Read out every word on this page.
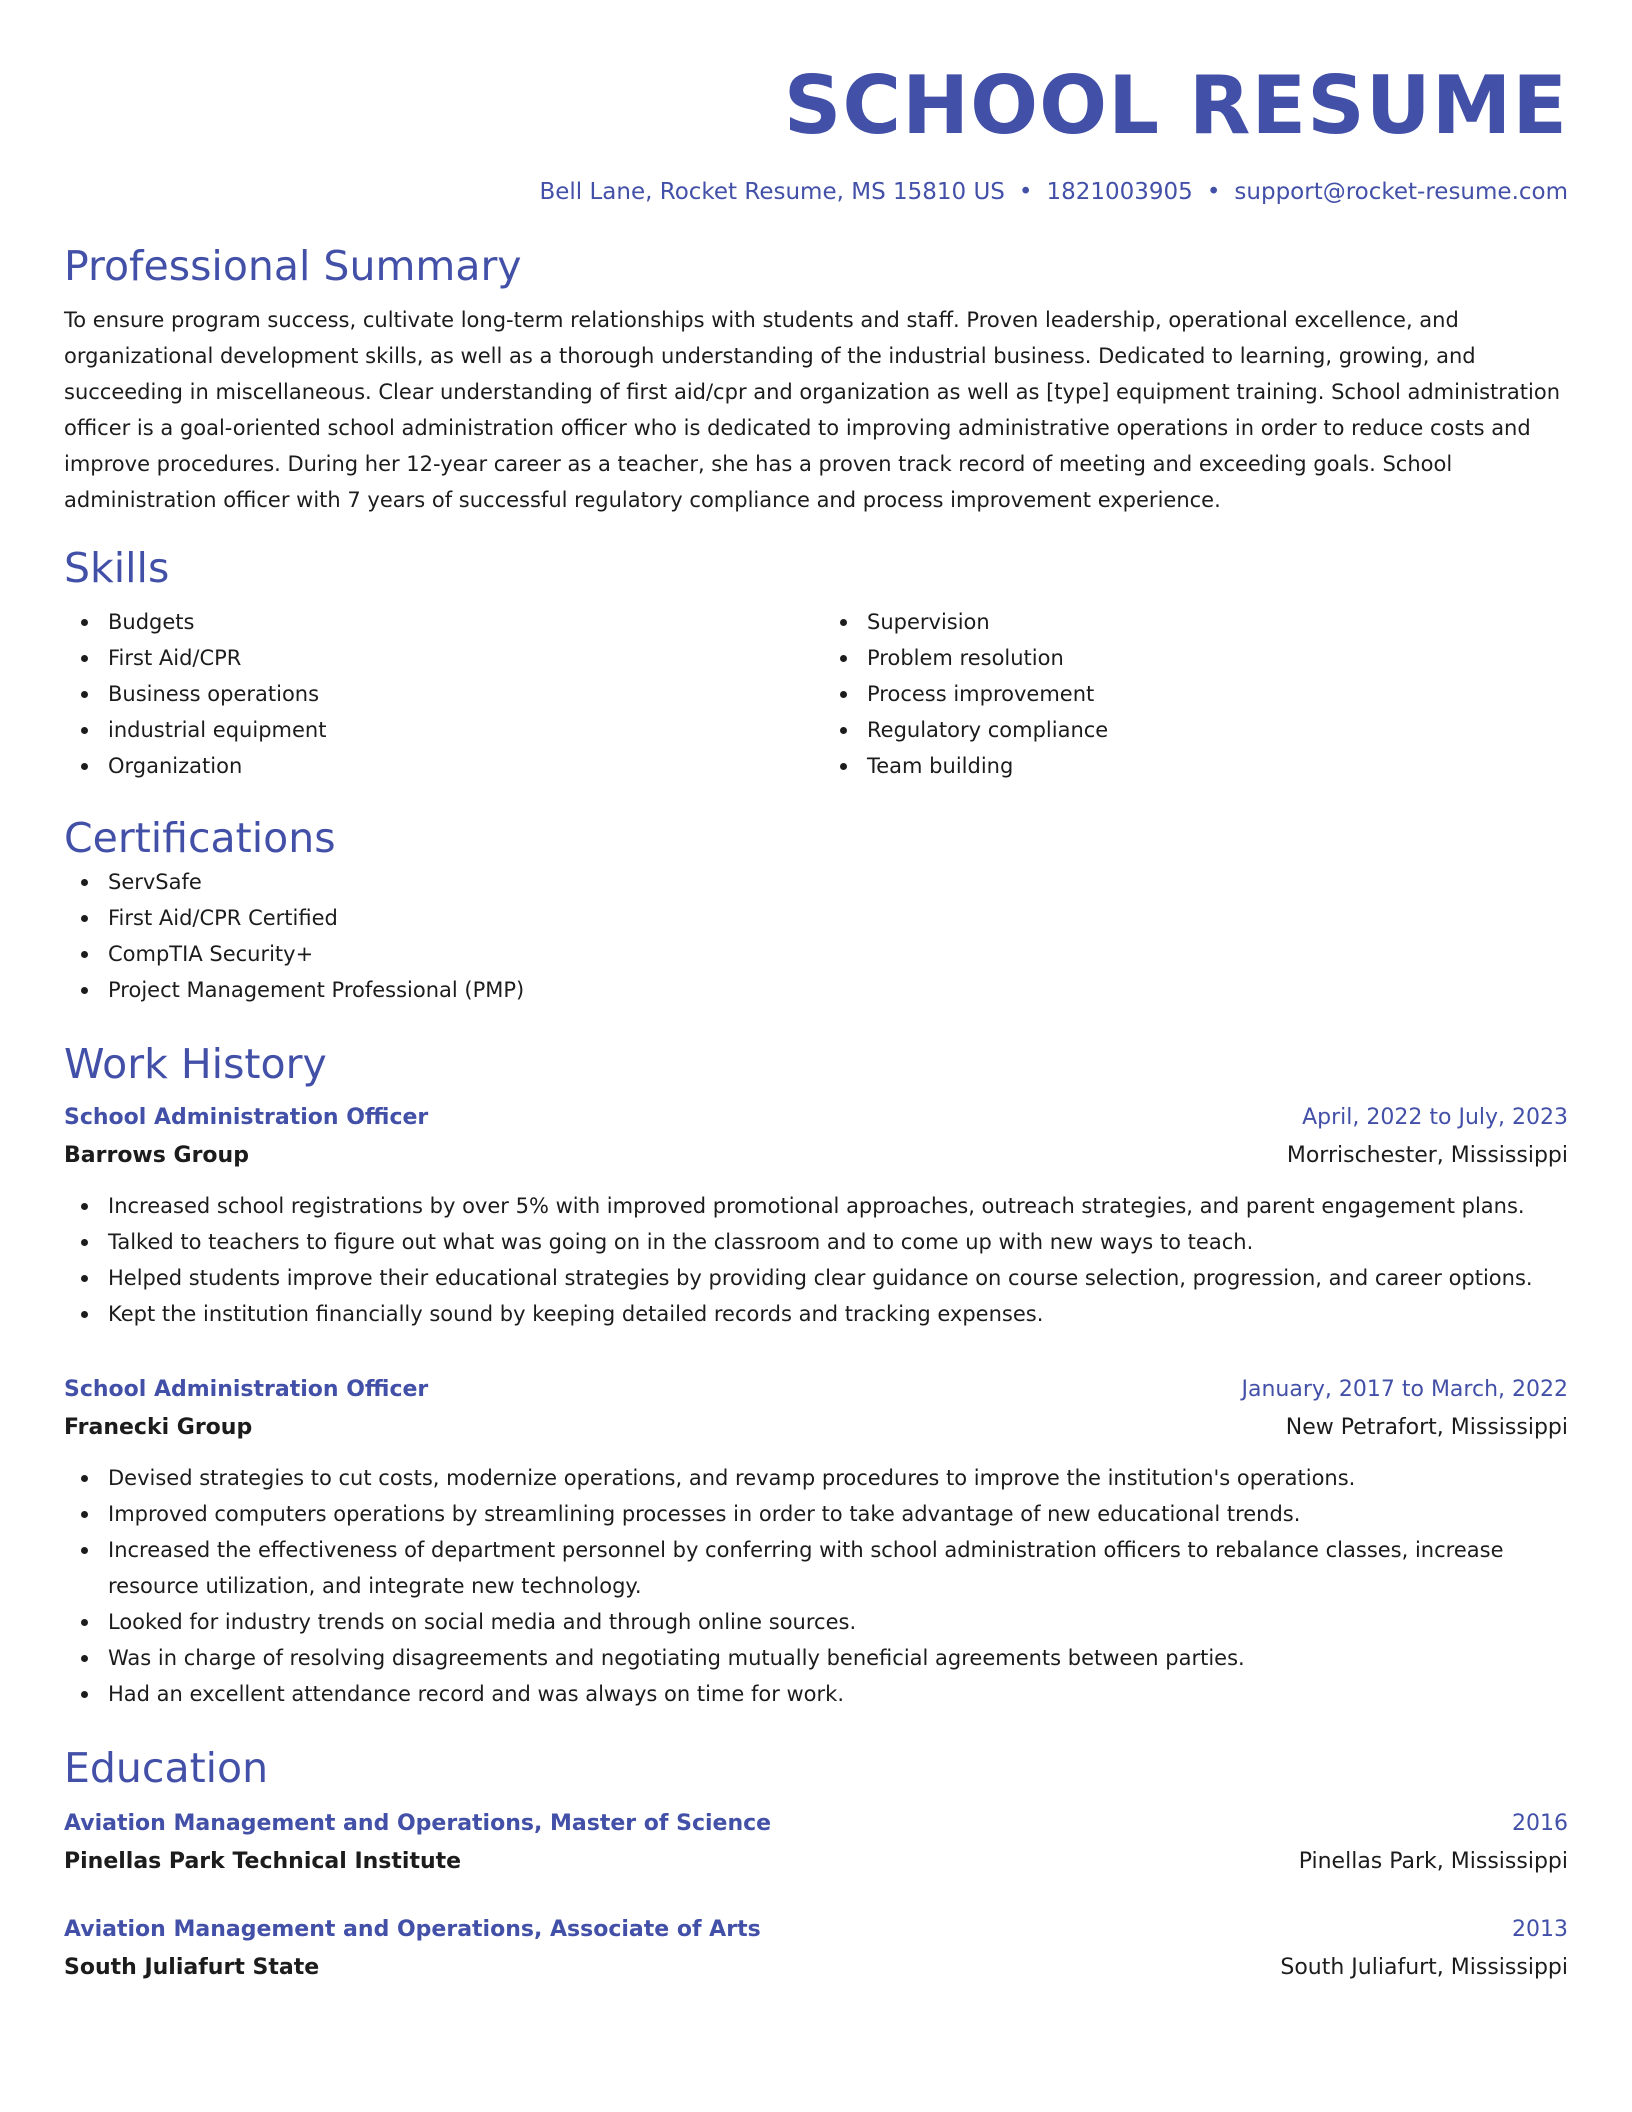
SCHOOL RESUME
Bell Lane, Rocket Resume, MS 15810 US • 1821003905 • support@rocket-resume.com
Professional Summary
To ensure program success, cultivate long-term relationships with students and staff. Proven leadership, operational excellence, and organizational development skills, as well as a thorough understanding of the industrial business. Dedicated to learning, growing, and succeeding in miscellaneous. Clear understanding of first aid/cpr and organization as well as [type] equipment training. School administration officer is a goal-oriented school administration officer who is dedicated to improving administrative operations in order to reduce costs and improve procedures. During her 12-year career as a teacher, she has a proven track record of meeting and exceeding goals. School administration officer with 7 years of successful regulatory compliance and process improvement experience.
Skills
Budgets
First Aid/CPR
Business operations
industrial equipment
Organization
Supervision
Problem resolution
Process improvement
Regulatory compliance
Team building
Certifications
ServSafe
First Aid/CPR Certified
CompTIA Security+
Project Management Professional (PMP)
Work History
School Administration Officer	April, 2022 to July, 2023
Barrows Group	Morrischester, Mississippi
Increased school registrations by over 5% with improved promotional approaches, outreach strategies, and parent engagement plans.
Talked to teachers to figure out what was going on in the classroom and to come up with new ways to teach.
Helped students improve their educational strategies by providing clear guidance on course selection, progression, and career options.
Kept the institution financially sound by keeping detailed records and tracking expenses.
School Administration Officer	January, 2017 to March, 2022
Franecki Group	New Petrafort, Mississippi
Devised strategies to cut costs, modernize operations, and revamp procedures to improve the institution's operations.
Improved computers operations by streamlining processes in order to take advantage of new educational trends.
Increased the effectiveness of department personnel by conferring with school administration officers to rebalance classes, increase resource utilization, and integrate new technology.
Looked for industry trends on social media and through online sources.
Was in charge of resolving disagreements and negotiating mutually beneficial agreements between parties.
Had an excellent attendance record and was always on time for work.
Education
Aviation Management and Operations, Master of Science	2016
Pinellas Park Technical Institute	Pinellas Park, Mississippi
Aviation Management and Operations, Associate of Arts	2013
South Juliafurt State	South Juliafurt, Mississippi
